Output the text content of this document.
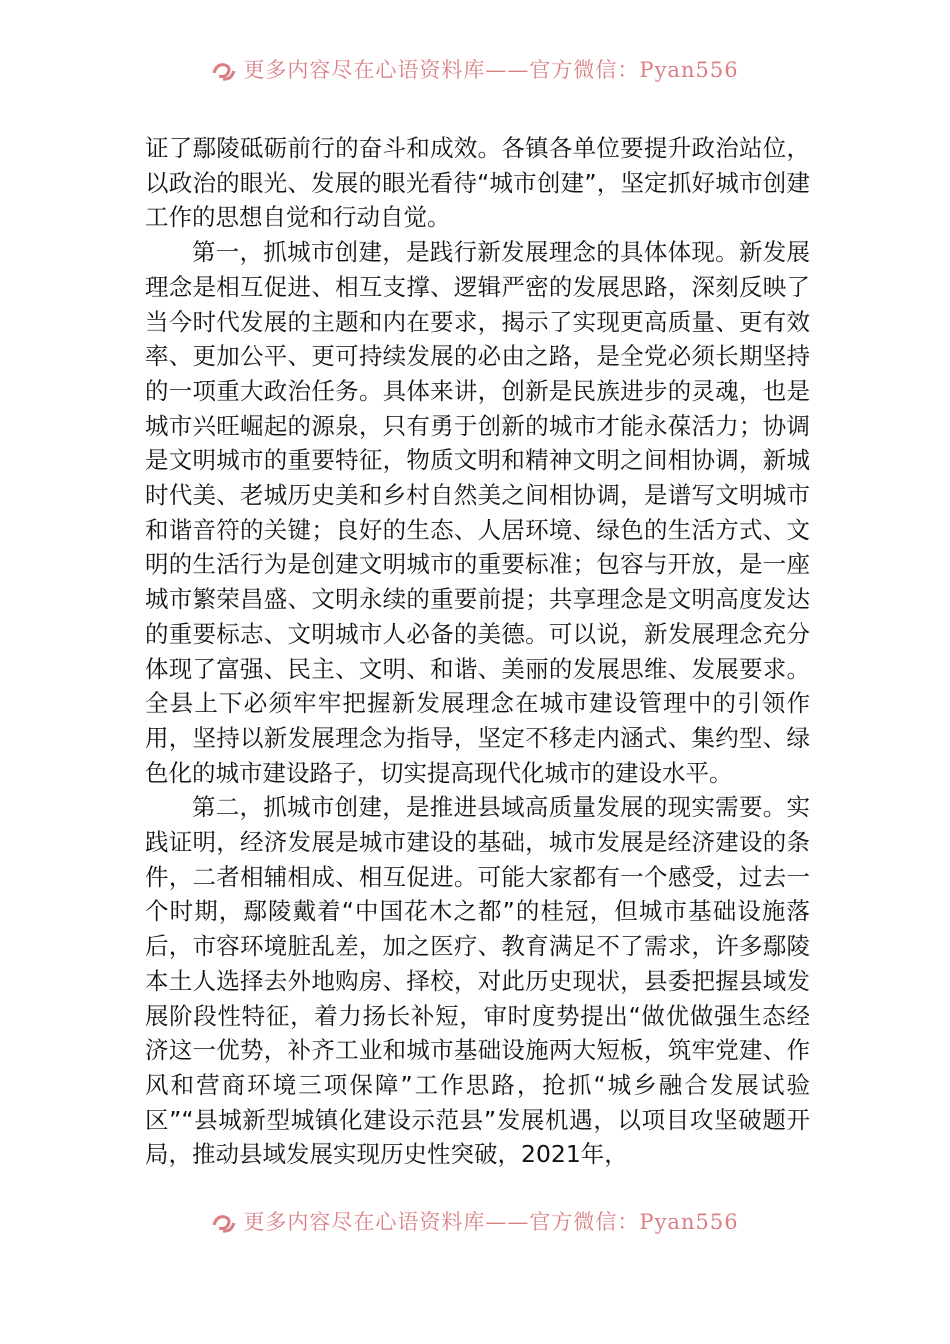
更多内容尽在心语资料库——官方微信：Pyan556

证了鄢陵砥砺前行的奋斗和成效。各镇各单位要提升政治站位，以政治的眼光、发展的眼光看待“城市创建”，坚定抓好城市创建工作的思想自觉和行动自觉。

第一，抓城市创建，是践行新发展理念的具体体现。新发展理念是相互促进、相互支撑、逻辑严密的发展思路，深刻反映了当今时代发展的主题和内在要求，揭示了实现更高质量、更有效率、更加公平、更可持续发展的必由之路，是全党必须长期坚持的一项重大政治任务。具体来讲，创新是民族进步的灵魂，也是城市兴旺崛起的源泉，只有勇于创新的城市才能永葆活力；协调是文明城市的重要特征，物质文明和精神文明之间相协调，新城时代美、老城历史美和乡村自然美之间相协调，是谱写文明城市和谐音符的关键；良好的生态、人居环境、绿色的生活方式、文明的生活行为是创建文明城市的重要标准；包容与开放，是一座城市繁荣昌盛、文明永续的重要前提；共享理念是文明高度发达的重要标志、文明城市人必备的美德。可以说，新发展理念充分体现了富强、民主、文明、和谐、美丽的发展思维、发展要求。全县上下必须牢牢把握新发展理念在城市建设管理中的引领作用，坚持以新发展理念为指导，坚定不移走内涵式、集约型、绿色化的城市建设路子，切实提高现代化城市的建设水平。

第二，抓城市创建，是推进县域高质量发展的现实需要。实践证明，经济发展是城市建设的基础，城市发展是经济建设的条件，二者相辅相成、相互促进。可能大家都有一个感受，过去一个时期，鄢陵戴着“中国花木之都”的桂冠，但城市基础设施落后，市容环境脏乱差，加之医疗、教育满足不了需求，许多鄢陵本土人选择去外地购房、择校，对此历史现状，县委把握县域发展阶段性特征，着力扬长补短，审时度势提出“做优做强生态经济这一优势，补齐工业和城市基础设施两大短板，筑牢党建、作风和营商环境三项保障”工作思路，抢抓“城乡融合发展试验区”“县城新型城镇化建设示范县”发展机遇，以项目攻坚破题开局，推动县域发展实现历史性突破，2021年，

更多内容尽在心语资料库——官方微信：Pyan556
